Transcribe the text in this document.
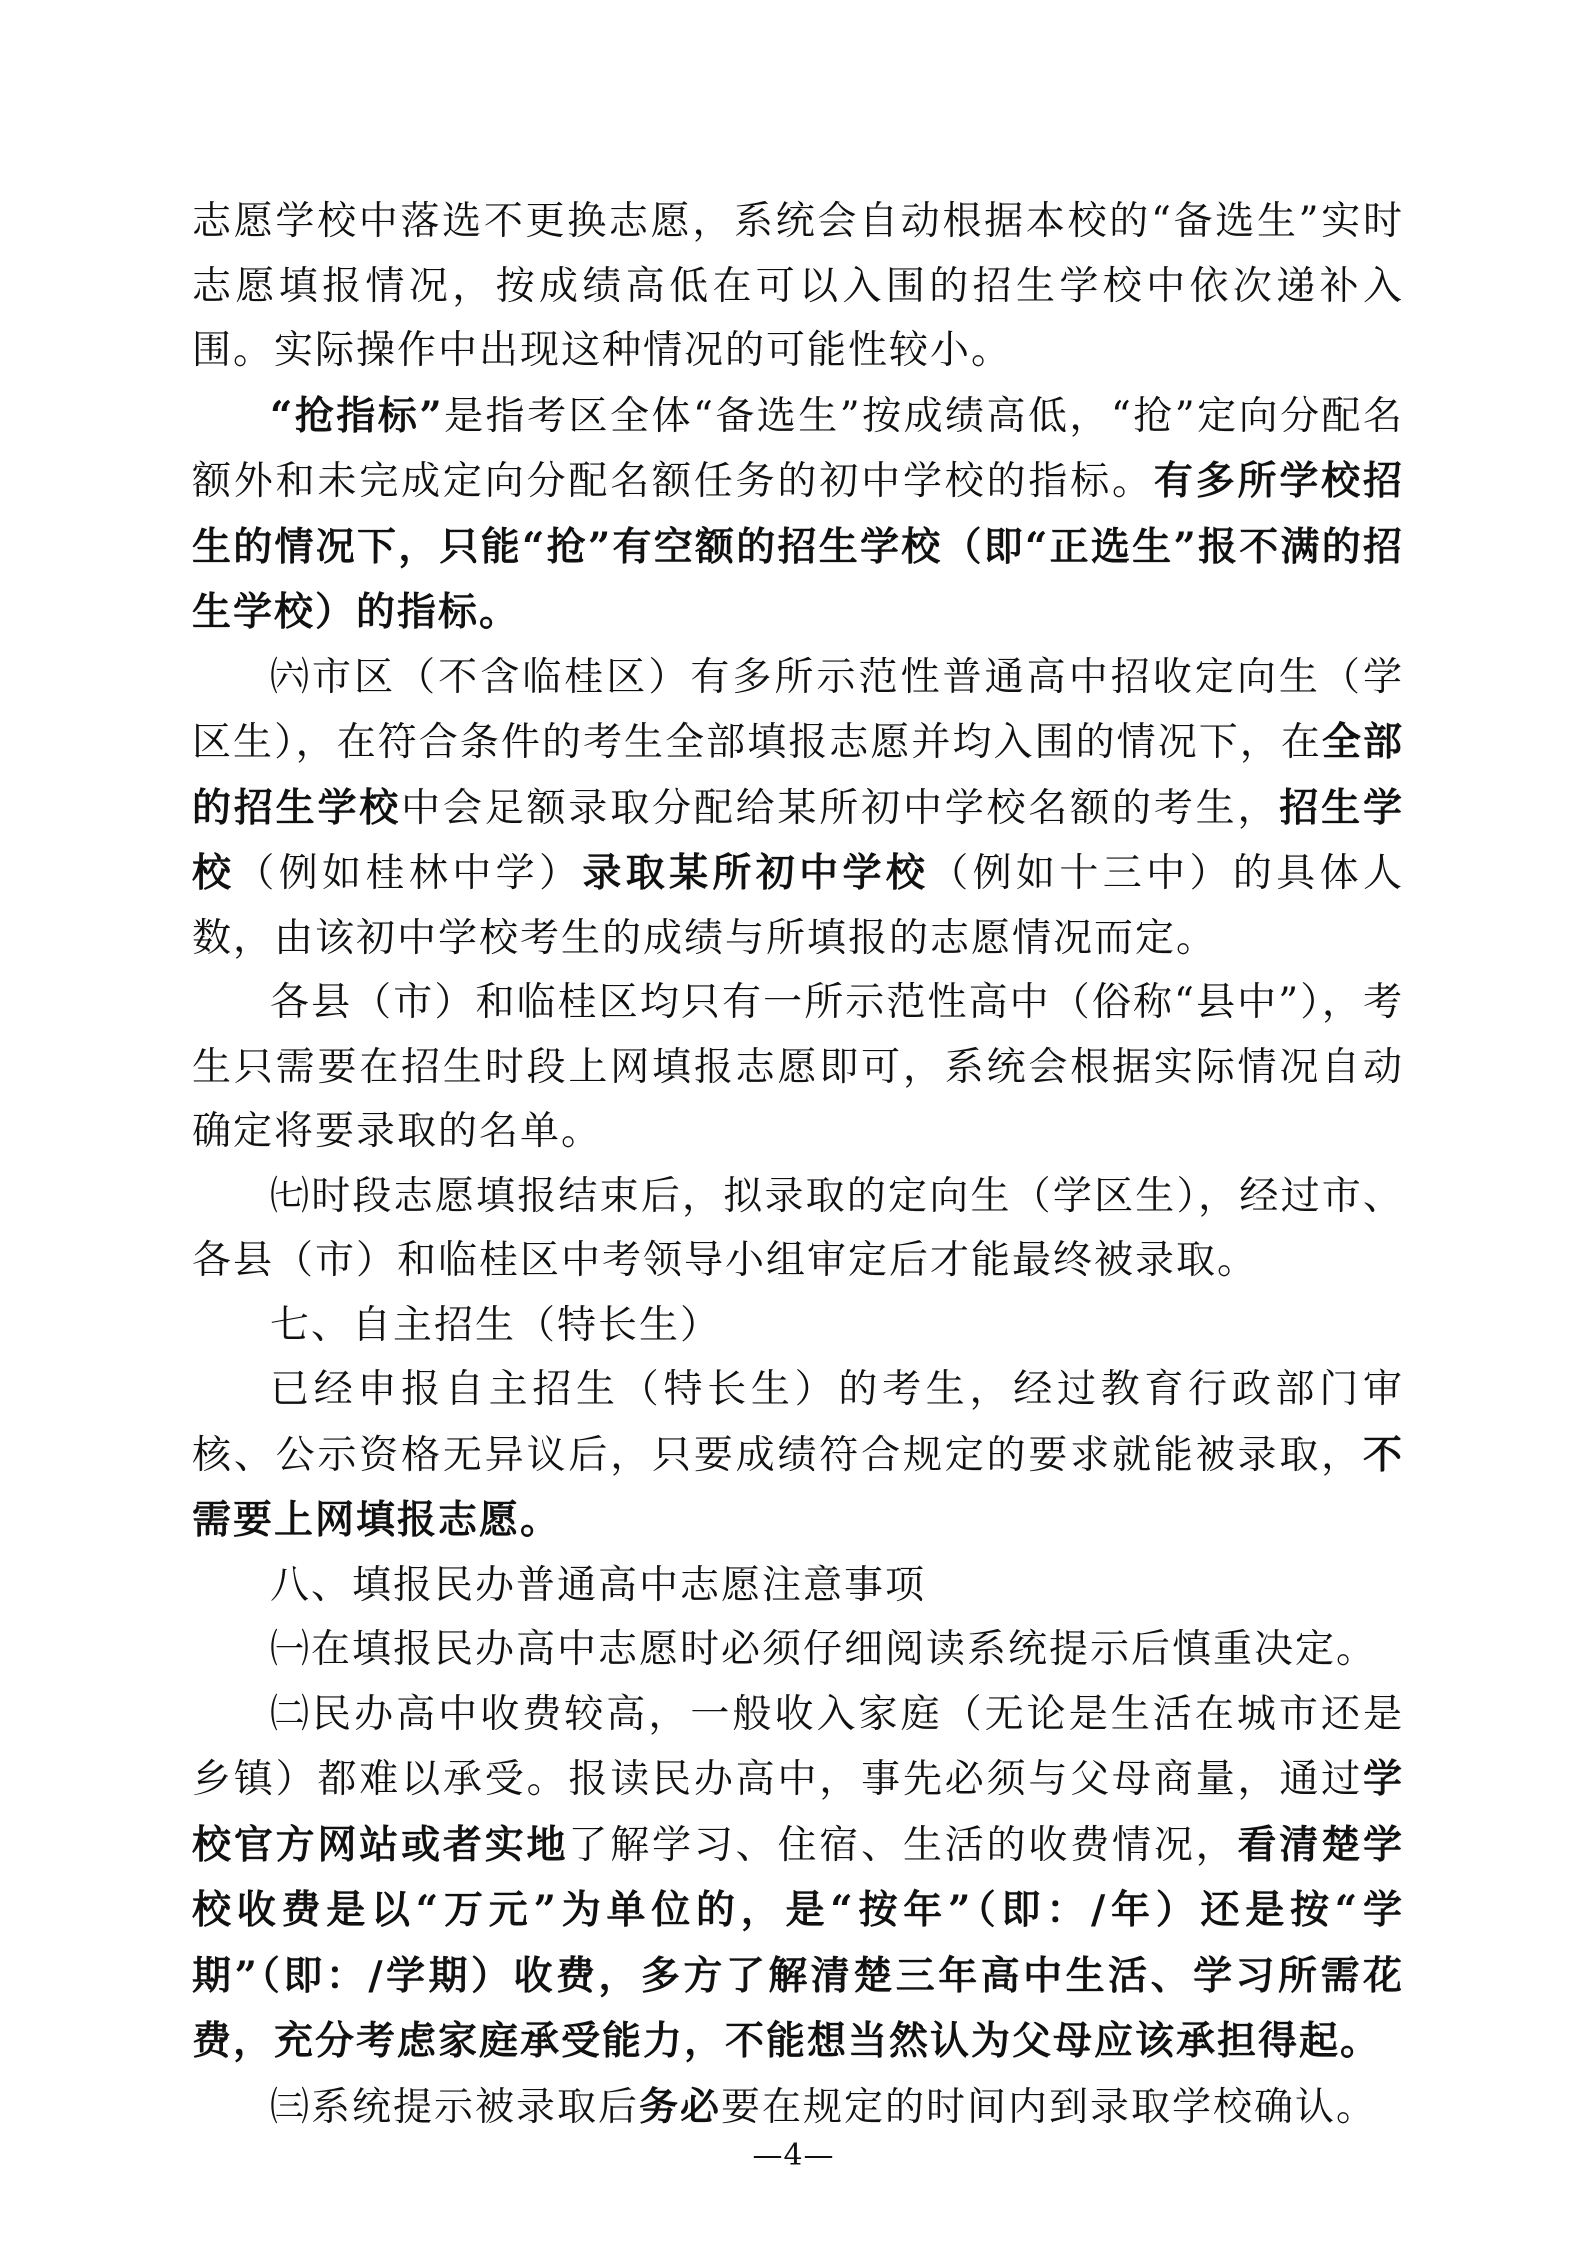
志愿学校中落选不更换志愿，系统会自动根据本校的“备选生”实时志愿填报情况，按成绩高低在可以入围的招生学校中依次递补入围。实际操作中出现这种情况的可能性较小。

“抢指标”是指考区全体“备选生”按成绩高低，“抢”定向分配名额外和未完成定向分配名额任务的初中学校的指标。有多所学校招生的情况下，只能“抢”有空额的招生学校（即“正选生”报不满的招生学校）的指标。

㈥市区（不含临桂区）有多所示范性普通高中招收定向生（学区生），在符合条件的考生全部填报志愿并均入围的情况下，在全部的招生学校中会足额录取分配给某所初中学校名额的考生，招生学校（例如桂林中学）录取某所初中学校（例如十三中）的具体人数，由该初中学校考生的成绩与所填报的志愿情况而定。

各县（市）和临桂区均只有一所示范性高中（俗称“县中”），考生只需要在招生时段上网填报志愿即可，系统会根据实际情况自动确定将要录取的名单。

㈦时段志愿填报结束后，拟录取的定向生（学区生），经过市、各县（市）和临桂区中考领导小组审定后才能最终被录取。

七、自主招生（特长生）

已经申报自主招生（特长生）的考生，经过教育行政部门审核、公示资格无异议后，只要成绩符合规定的要求就能被录取，不需要上网填报志愿。

八、填报民办普通高中志愿注意事项

㈠在填报民办高中志愿时必须仔细阅读系统提示后慎重决定。

㈡民办高中收费较高，一般收入家庭（无论是生活在城市还是乡镇）都难以承受。报读民办高中，事先必须与父母商量，通过学校官方网站或者实地了解学习、住宿、生活的收费情况，看清楚学校收费是以“万元”为单位的，是“按年”（即：/年）还是按“学期”（即：/学期）收费，多方了解清楚三年高中生活、学习所需花费，充分考虑家庭承受能力，不能想当然认为父母应该承担得起。

㈢系统提示被录取后务必要在规定的时间内到录取学校确认。

—4—
